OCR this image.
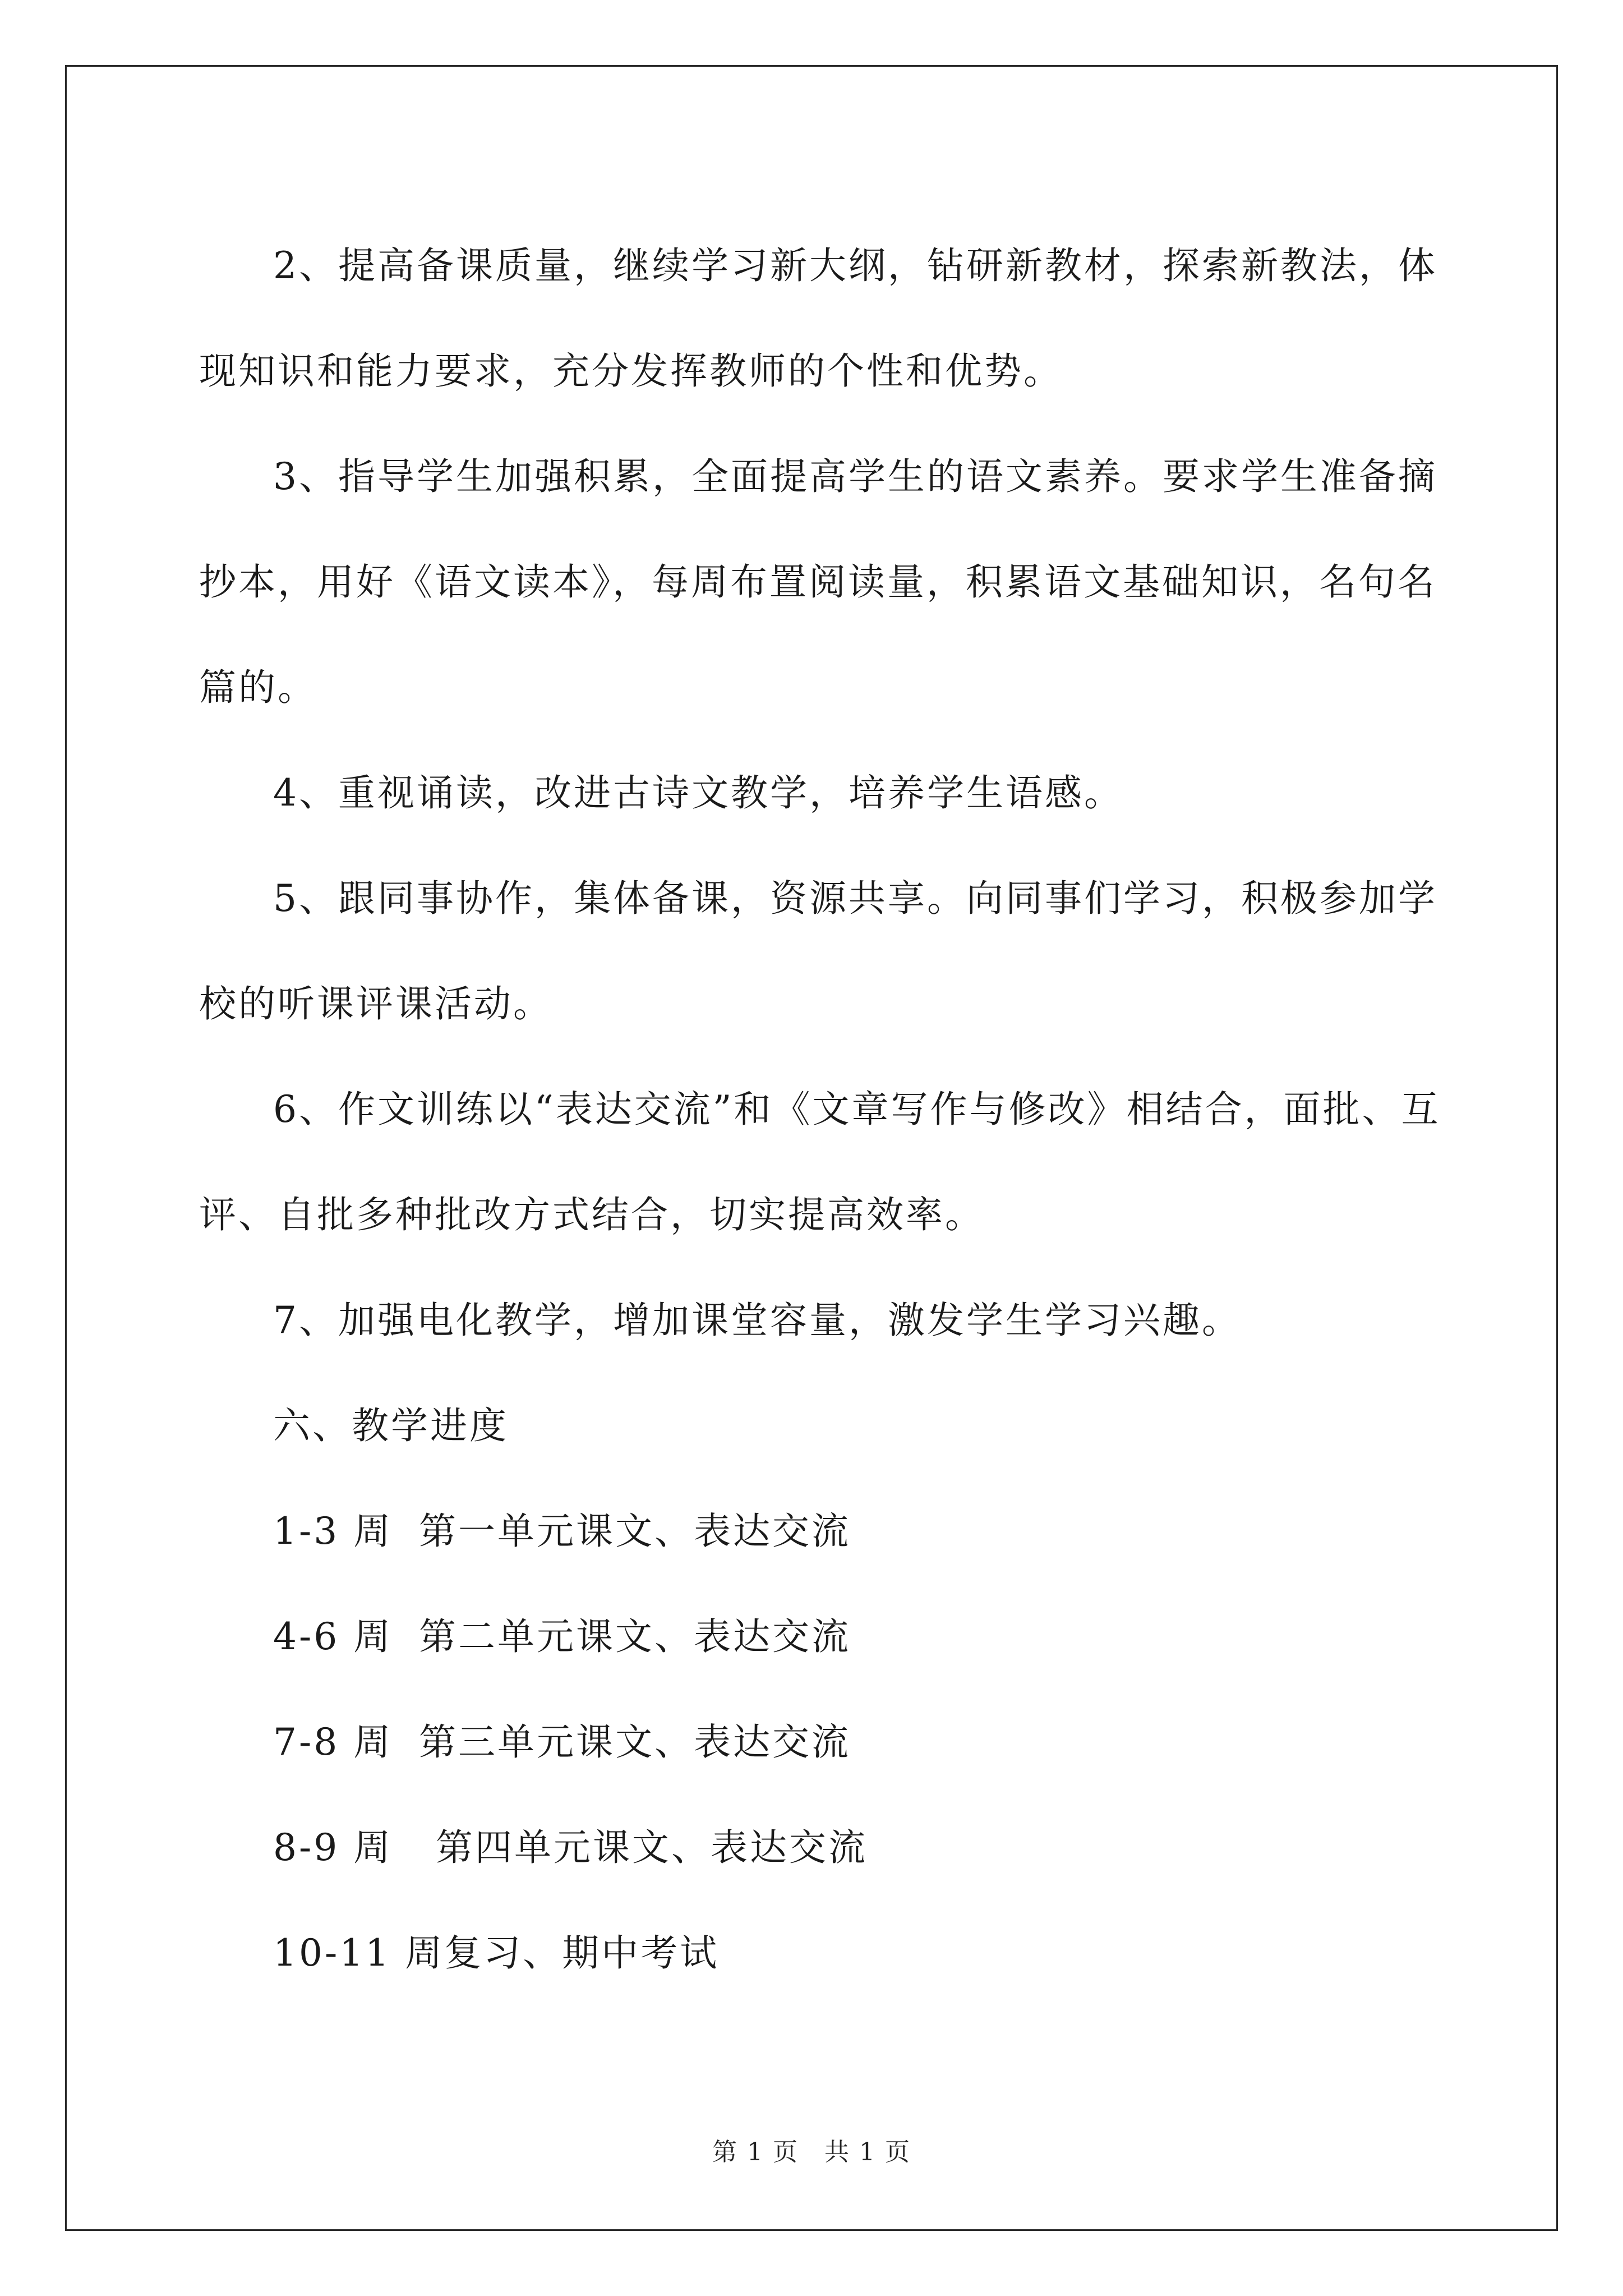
2、提高备课质量，继续学习新大纲，钻研新教材，探索新教法，体现知识和能力要求，充分发挥教师的个性和优势。

3、指导学生加强积累，全面提高学生的语文素养。要求学生准备摘抄本，用好《语文读本》，每周布置阅读量，积累语文基础知识，名句名篇的。

4、重视诵读，改进古诗文教学，培养学生语感。

5、跟同事协作，集体备课，资源共享。向同事们学习，积极参加学校的听课评课活动。

6、作文训练以“表达交流”和《文章写作与修改》相结合，面批、互评、自批多种批改方式结合，切实提高效率。

7、加强电化教学，增加课堂容量，激发学生学习兴趣。

六、教学进度

1-3 周 第一单元课文、表达交流
4-6 周 第二单元课文、表达交流
7-8 周 第三单元课文、表达交流
8-9 周	第四单元课文、表达交流
10-11 周 复习、期中考试
第 1 页　共 1 页
